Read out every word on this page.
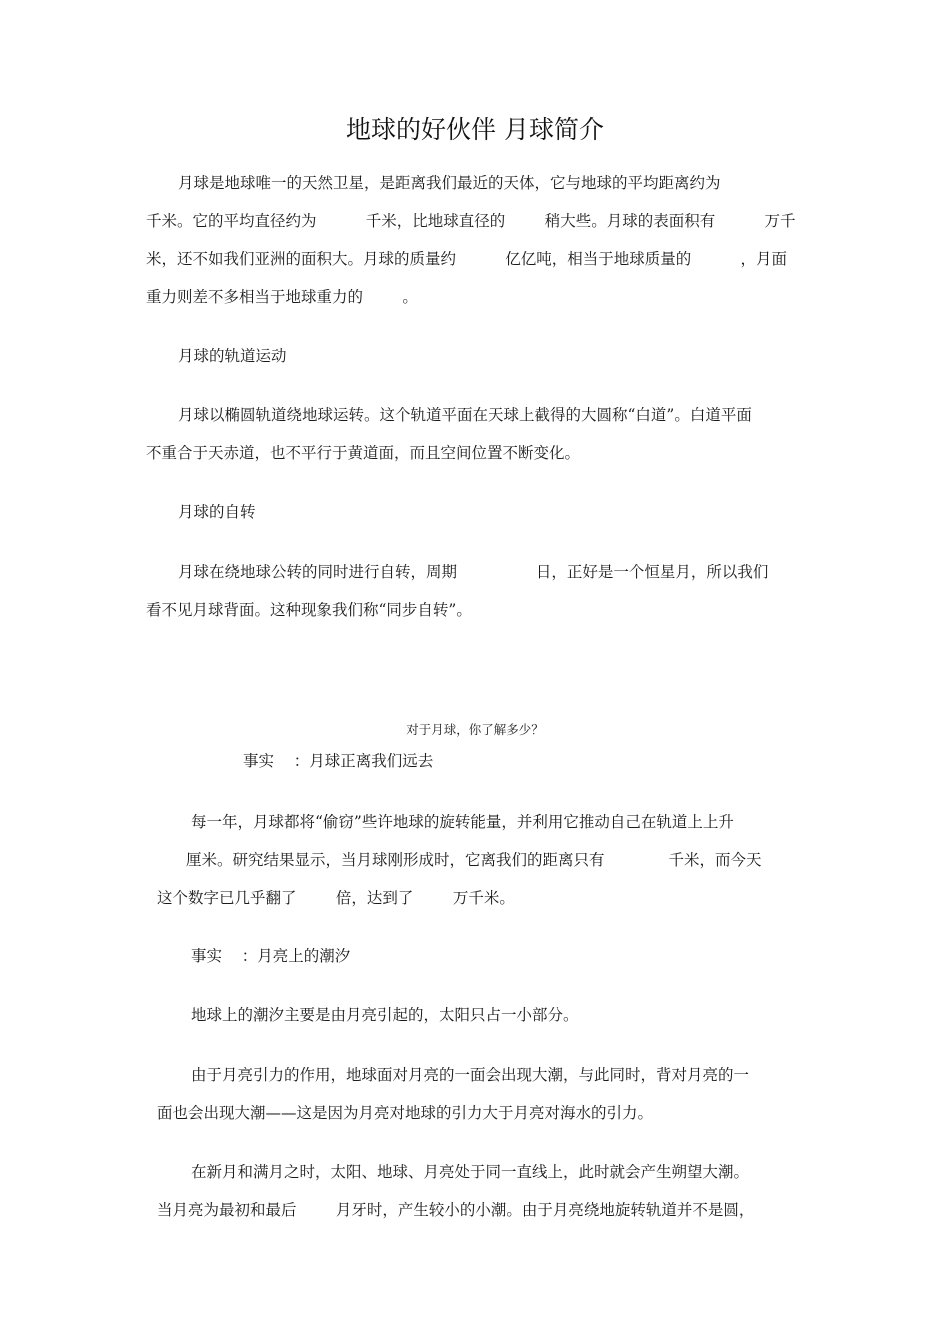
地球的好伙伴 月球简介
月球是地球唯一的天然卫星，是距离我们最近的天体，它与地球的平均距离约为
千米。它的平均直径约为          千米，比地球直径的        稍大些。月球的表面积有          万千
米，还不如我们亚洲的面积大。月球的质量约          亿亿吨，相当于地球质量的          ，月面
重力则差不多相当于地球重力的        。
月球的轨道运动
月球以椭圆轨道绕地球运转。这个轨道平面在天球上截得的大圆称“白道”。白道平面
不重合于天赤道，也不平行于黄道面，而且空间位置不断变化。
月球的自转
月球在绕地球公转的同时进行自转，周期                日，正好是一个恒星月，所以我们
看不见月球背面。这种现象我们称“同步自转”。
对于月球，你了解多少？
事实    ：月球正离我们远去
每一年，月球都将“偷窃”些许地球的旋转能量，并利用它推动自己在轨道上上升
厘米。研究结果显示，当月球刚形成时，它离我们的距离只有             千米，而今天
这个数字已几乎翻了        倍，达到了        万千米。
事实    ：月亮上的潮汐
地球上的潮汐主要是由月亮引起的，太阳只占一小部分。
由于月亮引力的作用，地球面对月亮的一面会出现大潮，与此同时，背对月亮的一
面也会出现大潮——这是因为月亮对地球的引力大于月亮对海水的引力。
在新月和满月之时，太阳、地球、月亮处于同一直线上，此时就会产生朔望大潮。
当月亮为最初和最后        月牙时，产生较小的小潮。由于月亮绕地旋转轨道并不是圆，
